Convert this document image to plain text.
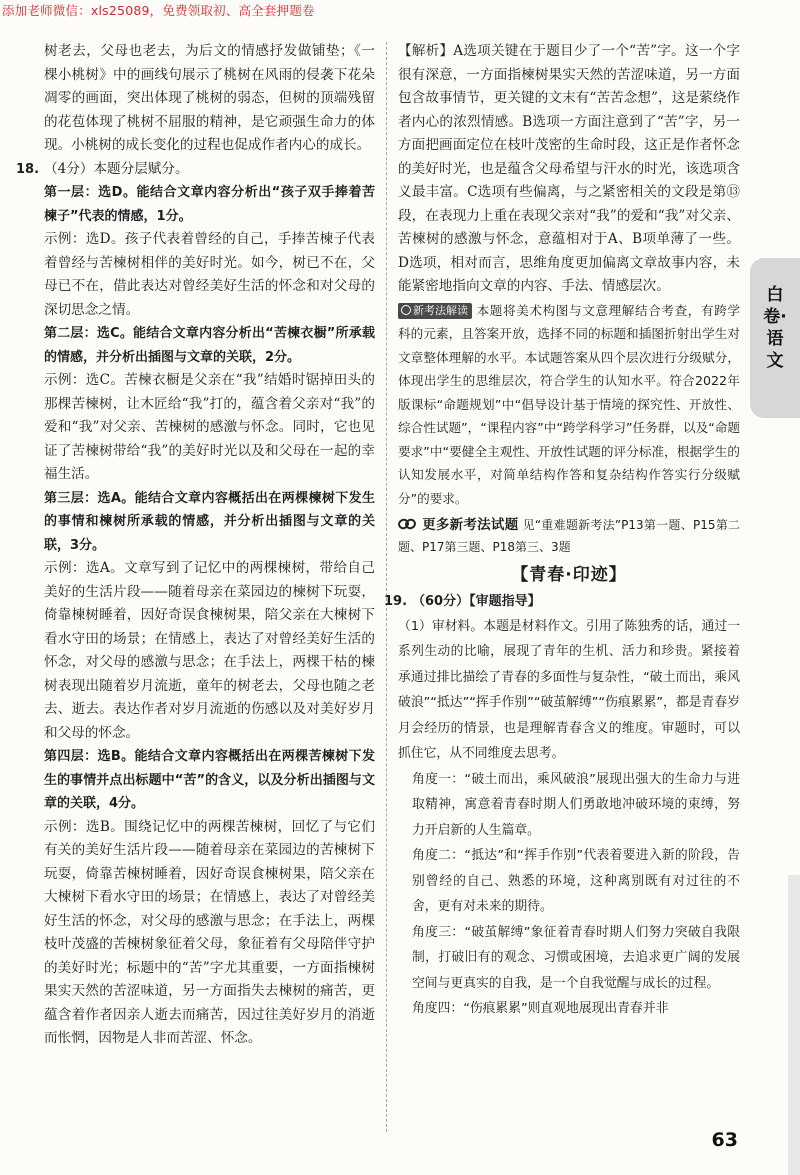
添加老师微信：xls25089，免费领取初、高全套押题卷

树老去，父母也老去，为后文的情感抒发做铺垫；《一棵小桃树》中的画线句展示了桃树在风雨的侵袭下花朵凋零的画面，突出体现了桃树的弱态，但树的顶端残留的花苞体现了桃树不屈服的精神，是它顽强生命力的体现。小桃树的成长变化的过程也促成作者内心的成长。

18. （4分）本题分层赋分。

第一层：选D。能结合文章内容分析出“孩子双手捧着苦楝子”代表的情感，1分。

示例：选D。孩子代表着曾经的自己，手捧苦楝子代表着曾经与苦楝树相伴的美好时光。如今，树已不在，父母已不在，借此表达对曾经美好生活的怀念和对父母的深切思念之情。

第二层：选C。能结合文章内容分析出“苦楝衣橱”所承载的情感，并分析出插图与文章的关联，2分。

示例：选C。苦楝衣橱是父亲在“我”结婚时锯掉田头的那棵苦楝树，让木匠给“我”打的，蕴含着父亲对“我”的爱和“我”对父亲、苦楝树的感激与怀念。同时，它也见证了苦楝树带给“我”的美好时光以及和父母在一起的幸福生活。

第三层：选A。能结合文章内容概括出在两棵楝树下发生的事情和楝树所承载的情感，并分析出插图与文章的关联，3分。

示例：选A。文章写到了记忆中的两棵楝树，带给自己美好的生活片段——随着母亲在菜园边的楝树下玩耍，倚靠楝树睡着，因好奇误食楝树果，陪父亲在大楝树下看水守田的场景；在情感上，表达了对曾经美好生活的怀念，对父母的感激与思念；在手法上，两棵干枯的楝树表现出随着岁月流逝，童年的树老去，父母也随之老去、逝去。表达作者对岁月流逝的伤感以及对美好岁月和父母的怀念。

第四层：选B。能结合文章内容概括出在两棵苦楝树下发生的事情并点出标题中“苦”的含义，以及分析出插图与文章的关联，4分。

示例：选B。围绕记忆中的两棵苦楝树，回忆了与它们有关的美好生活片段——随着母亲在菜园边的苦楝树下玩耍，倚靠苦楝树睡着，因好奇误食楝树果，陪父亲在大楝树下看水守田的场景；在情感上，表达了对曾经美好生活的怀念，对父母的感激与思念；在手法上，两棵枝叶茂盛的苦楝树象征着父母，象征着有父母陪伴守护的美好时光；标题中的“苦”字尤其重要，一方面指楝树果实天然的苦涩味道，另一方面指失去楝树的痛苦，更蕴含着作者因亲人逝去而痛苦，因过往美好岁月的消逝而怅惘，因物是人非而苦涩、怀念。

【解析】A选项关键在于题目少了一个“苦”字。这一个字很有深意，一方面指楝树果实天然的苦涩味道，另一方面包含故事情节，更关键的文末有“苦苦念想”，这是萦绕作者内心的浓烈情感。B选项一方面注意到了“苦”字，另一方面把画面定位在枝叶茂密的生命时段，这正是作者怀念的美好时光，也是蕴含父母希望与汗水的时光，该选项含义最丰富。C选项有些偏离，与之紧密相关的文段是第⑬段，在表现力上重在表现父亲对“我”的爱和“我”对父亲、苦楝树的感激与怀念，意蕴相对于A、B项单薄了一些。D选项，相对而言，思维角度更加偏离文章故事内容，未能紧密地指向文章的内容、手法、情感层次。

新考法解读 本题将美术构图与文意理解结合考查，有跨学科的元素，且答案开放，选择不同的标题和插图折射出学生对文章整体理解的水平。本试题答案从四个层次进行分级赋分，体现出学生的思维层次，符合学生的认知水平。符合2022年版课标“命题规划”中“倡导设计基于情境的探究性、开放性、综合性试题”，“课程内容”中“跨学科学习”任务群，以及“命题要求”中“要健全主观性、开放性试题的评分标准，根据学生的认知发展水平，对简单结构作答和复杂结构作答实行分级赋分”的要求。

更多新考法试题 见“重难题新考法”P13第一题、P15第二题、P17第三题、P18第三、3题
【青春·印迹】
19. （60分）【审题指导】

（1）审材料。本题是材料作文。引用了陈独秀的话，通过一系列生动的比喻，展现了青年的生机、活力和珍贵。紧接着承通过排比描绘了青春的多面性与复杂性，“破土而出，乘风破浪”“抵达”“挥手作别”“破茧解缚”“伤痕累累”，都是青春岁月会经历的情景，也是理解青春含义的维度。审题时，可以抓住它，从不同维度去思考。

角度一：“破土而出，乘风破浪”展现出强大的生命力与进取精神，寓意着青春时期人们勇敢地冲破环境的束缚，努力开启新的人生篇章。

角度二：“抵达”和“挥手作别”代表着要进入新的阶段，告别曾经的自己、熟悉的环境，这种离别既有对过往的不舍，更有对未来的期待。

角度三：“破茧解缚”象征着青春时期人们努力突破自我限制，打破旧有的观念、习惯或困境，去追求更广阔的发展空间与更真实的自我，是一个自我觉醒与成长的过程。

角度四：“伤痕累累”则直观地展现出青春并非

白卷·语文
63
